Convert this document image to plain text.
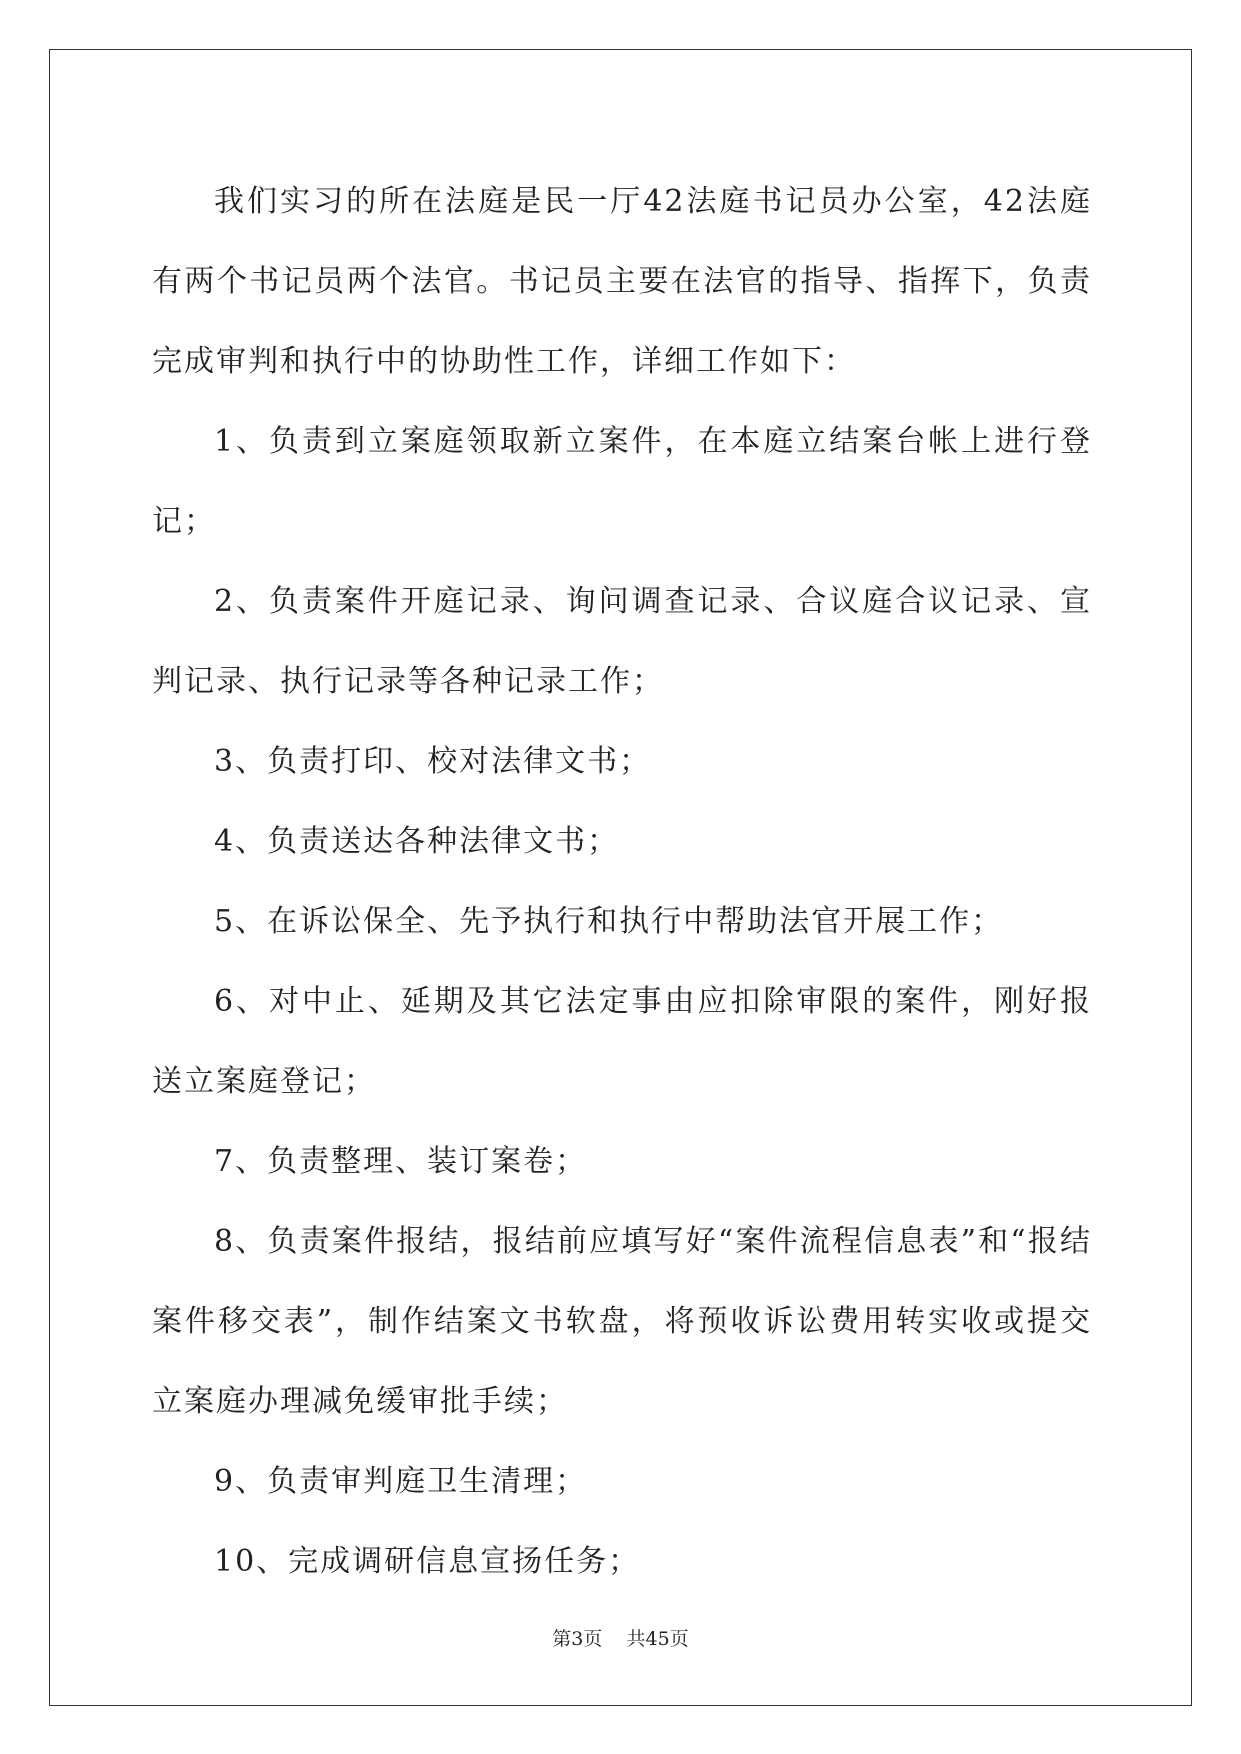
我们实习的所在法庭是民一厅42法庭书记员办公室，42法庭有两个书记员两个法官。书记员主要在法官的指导、指挥下，负责完成审判和执行中的协助性工作，详细工作如下：

1、负责到立案庭领取新立案件，在本庭立结案台帐上进行登记；

2、负责案件开庭记录、询问调查记录、合议庭合议记录、宣判记录、执行记录等各种记录工作；

3、负责打印、校对法律文书；

4、负责送达各种法律文书；

5、在诉讼保全、先予执行和执行中帮助法官开展工作；

6、对中止、延期及其它法定事由应扣除审限的案件，刚好报送立案庭登记；

7、负责整理、装订案卷；

8、负责案件报结，报结前应填写好“案件流程信息表”和“报结案件移交表”，制作结案文书软盘，将预收诉讼费用转实收或提交立案庭办理减免缓审批手续；

9、负责审判庭卫生清理；

10、完成调研信息宣扬任务；

第3页 共45页
